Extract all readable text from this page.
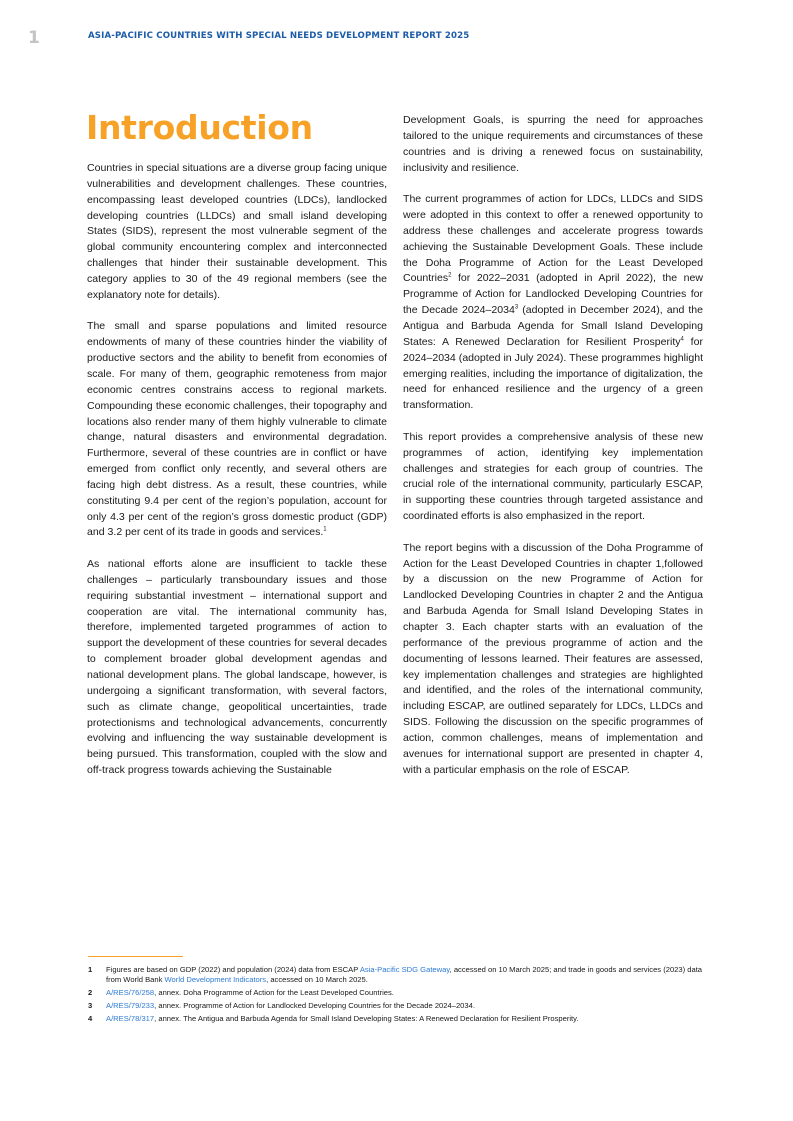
1	ASIA-PACIFIC COUNTRIES WITH SPECIAL NEEDS DEVELOPMENT REPORT 2025
Introduction

Countries in special situations are a diverse group facing unique vulnerabilities and development challenges. These countries, encompassing least developed countries (LDCs), landlocked developing countries (LLDCs) and small island developing States (SIDS), represent the most vulnerable segment of the global community encountering complex and interconnected challenges that hinder their sustainable development. This category applies to 30 of the 49 regional members (see the explanatory note for details).

The small and sparse populations and limited resource endowments of many of these countries hinder the viability of productive sectors and the ability to benefit from economies of scale. For many of them, geographic remoteness from major economic centres constrains access to regional markets. Compounding these economic challenges, their topography and locations also render many of them highly vulnerable to climate change, natural disasters and environmental degradation. Furthermore, several of these countries are in conflict or have emerged from conflict only recently, and several others are facing high debt distress. As a result, these countries, while constituting 9.4 per cent of the region’s population, account for only 4.3 per cent of the region’s gross domestic product (GDP) and 3.2 per cent of its trade in goods and services.$^1$

As national efforts alone are insufficient to tackle these challenges – particularly transboundary issues and those requiring substantial investment – international support and cooperation are vital. The international community has, therefore, implemented targeted programmes of action to support the development of these countries for several decades to complement broader global development agendas and national development plans. The global landscape, however, is undergoing a significant transformation, with several factors, such as climate change, geopolitical uncertainties, trade protectionisms and technological advancements, concurrently evolving and influencing the way sustainable development is being pursued. This transformation, coupled with the slow and off-track progress towards achieving the Sustainable

Development Goals, is spurring the need for approaches tailored to the unique requirements and circumstances of these countries and is driving a renewed focus on sustainability, inclusivity and resilience.

The current programmes of action for LDCs, LLDCs and SIDS were adopted in this context to offer a renewed opportunity to address these challenges and accelerate progress towards achieving the Sustainable Development Goals. These include the Doha Programme of Action for the Least Developed Countries$^2$ for 2022–2031 (adopted in April 2022), the new Programme of Action for Landlocked Developing Countries for the Decade 2024–2034$^3$ (adopted in December 2024), and the Antigua and Barbuda Agenda for Small Island Developing States: A Renewed Declaration for Resilient Prosperity$^4$ for 2024–2034 (adopted in July 2024). These programmes highlight emerging realities, including the importance of digitalization, the need for enhanced resilience and the urgency of a green transformation.

This report provides a comprehensive analysis of these new programmes of action, identifying key implementation challenges and strategies for each group of countries. The crucial role of the international community, particularly ESCAP, in supporting these countries through targeted assistance and coordinated efforts is also emphasized in the report.

The report begins with a discussion of the Doha Programme of Action for the Least Developed Countries in chapter 1,followed by a discussion on the new Programme of Action for Landlocked Developing Countries in chapter 2 and the Antigua and Barbuda Agenda for Small Island Developing States in chapter 3. Each chapter starts with an evaluation of the performance of the previous programme of action and the documenting of lessons learned. Their features are assessed, key implementation challenges and strategies are highlighted and identified, and the roles of the international community, including ESCAP, are outlined separately for LDCs, LLDCs and SIDS. Following the discussion on the specific programmes of action, common challenges, means of implementation and avenues for international support are presented in chapter 4, with a particular emphasis on the role of ESCAP.

1	Figures are based on GDP (2022) and population (2024) data from ESCAP Asia-Pacific SDG Gateway, accessed on 10 March 2025; and trade in goods and services (2023) data from World Bank World Development Indicators, accessed on 10 March 2025.
2	A/RES/76/258, annex. Doha Programme of Action for the Least Developed Countries.
3	A/RES/79/233, annex. Programme of Action for Landlocked Developing Countries for the Decade 2024–2034.
4	A/RES/78/317, annex. The Antigua and Barbuda Agenda for Small Island Developing States: A Renewed Declaration for Resilient Prosperity.
